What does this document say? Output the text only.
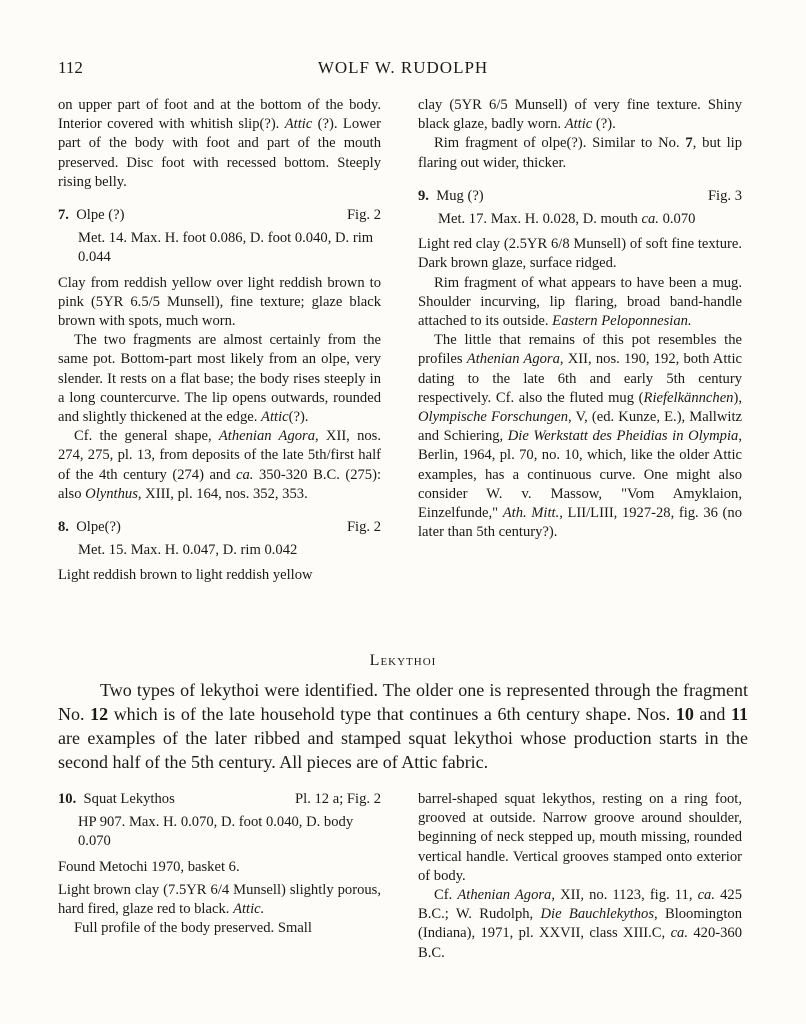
112	WOLF W. RUDOLPH

on upper part of foot and at the bottom of the body. Interior covered with whitish slip(?). Attic (?). Lower part of the body with foot and part of the mouth preserved. Disc foot with recessed bottom. Steeply rising belly.

7. Olpe (?)	Fig. 2

Met. 14. Max. H. foot 0.086, D. foot 0.040, D. rim 0.044

Clay from reddish yellow over light reddish brown to pink (5YR 6.5/5 Munsell), fine texture; glaze black brown with spots, much worn.

The two fragments are almost certainly from the same pot. Bottom-part most likely from an olpe, very slender. It rests on a flat base; the body rises steeply in a long countercurve. The lip opens outwards, rounded and slightly thickened at the edge. Attic(?).

Cf. the general shape, Athenian Agora, XII, nos. 274, 275, pl. 13, from deposits of the late 5th/first half of the 4th century (274) and ca. 350-320 B.C. (275): also Olynthus, XIII, pl. 164, nos. 352, 353.

8. Olpe(?)	Fig. 2

Met. 15. Max. H. 0.047, D. rim 0.042

Light reddish brown to light reddish yellow

clay (5YR 6/5 Munsell) of very fine texture. Shiny black glaze, badly worn. Attic (?).

Rim fragment of olpe(?). Similar to No. 7, but lip flaring out wider, thicker.

9. Mug (?)	Fig. 3

Met. 17. Max. H. 0.028, D. mouth ca. 0.070

Light red clay (2.5YR 6/8 Munsell) of soft fine texture. Dark brown glaze, surface ridged.

Rim fragment of what appears to have been a mug. Shoulder incurving, lip flaring, broad band-handle attached to its outside. Eastern Peloponnesian.

The little that remains of this pot resembles the profiles Athenian Agora, XII, nos. 190, 192, both Attic dating to the late 6th and early 5th century respectively. Cf. also the fluted mug (Riefelkännchen), Olympische Forschungen, V, (ed. Kunze, E.), Mallwitz and Schiering, Die Werkstatt des Pheidias in Olympia, Berlin, 1964, pl. 70, no. 10, which, like the older Attic examples, has a continuous curve. One might also consider W. v. Massow, "Vom Amyklaion, Einzelfunde," Ath. Mitt., LII/LIII, 1927-28, fig. 36 (no later than 5th century?).

Lekythoi

Two types of lekythoi were identified. The older one is represented through the fragment No. 12 which is of the late household type that continues a 6th century shape. Nos. 10 and 11 are examples of the later ribbed and stamped squat lekythoi whose production starts in the second half of the 5th century. All pieces are of Attic fabric.

10. Squat Lekythos	Pl. 12 a; Fig. 2

HP 907. Max. H. 0.070, D. foot 0.040, D. body 0.070

Found Metochi 1970, basket 6.

Light brown clay (7.5YR 6/4 Munsell) slightly porous, hard fired, glaze red to black. Attic.

Full profile of the body preserved. Small

barrel-shaped squat lekythos, resting on a ring foot, grooved at outside. Narrow groove around shoulder, beginning of neck stepped up, mouth missing, rounded vertical handle. Vertical grooves stamped onto exterior of body.

Cf. Athenian Agora, XII, no. 1123, fig. 11, ca. 425 B.C.; W. Rudolph, Die Bauchlekythos, Bloomington (Indiana), 1971, pl. XXVII, class XIII.C, ca. 420-360 B.C.
